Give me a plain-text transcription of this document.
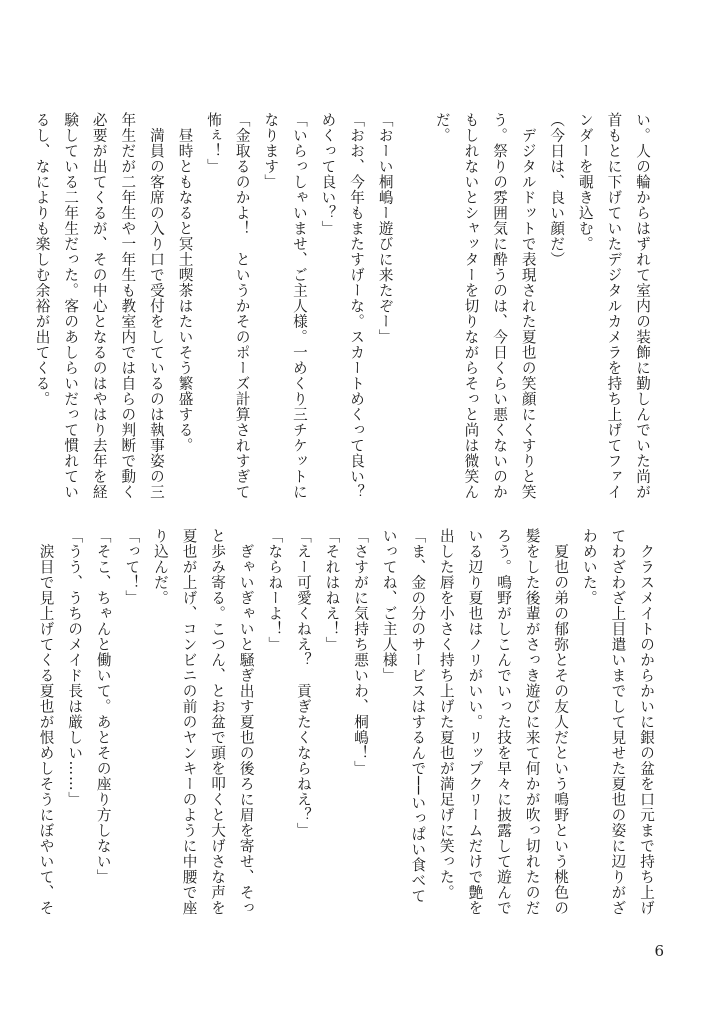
い。人の輪からはずれて室内の装飾に勤しんでいた尚が
首もとに下げていたデジタルカメラを持ち上げてファイ
ンダーを覗き込む。
（今日は、良い顔だ）
　デジタルドットで表現された夏也の笑顔にくすりと笑
う。祭りの雰囲気に酔うのは、今日くらい悪くないのか
もしれないとシャッターを切りながらそっと尚は微笑ん
だ。
「おーい桐嶋ー遊びに来たぞー」
「おお、今年もまたすげーな。スカートめくって良い？
めくって良い？」
「いらっしゃいませ、ご主人様。一めくり三チケットに
なります」
「金取るのかよ！　というかそのポーズ計算されすぎて
怖ぇ！」
　昼時ともなると冥土喫茶はたいそう繁盛する。
　満員の客席の入り口で受付をしているのは執事姿の三
年生だが二年生や一年生も教室内では自らの判断で動く
必要が出てくるが、その中心となるのはやはり去年を経
験している二年生だった。客のあしらいだって慣れてい
るし、なによりも楽しむ余裕が出てくる。
　クラスメイトのからかいに銀の盆を口元まで持ち上げ
てわざわざ上目遣いまでして見せた夏也の姿に辺りがざ
わめいた。
　夏也の弟の郁弥とその友人だという鳴野という桃色の
髪をした後輩がさっき遊びに来て何かが吹っ切れたのだ
ろう。鳴野がしこんでいった技を早々に披露して遊んで
いる辺り夏也はノリがいい。リップクリームだけで艶を
出した唇を小さく持ち上げた夏也が満足げに笑った。
「ま、金の分のサービスはするんで──いっぱい食べて
いってね、ご主人様」
「さすがに気持ち悪いわ、桐嶋！」
「それはねえ！」
「えー可愛くねえ？　貢ぎたくならねえ？」
「ならねーよ！」
　ぎゃいぎゃいと騒ぎ出す夏也の後ろに眉を寄せ、そっ
と歩み寄る。こつん、とお盆で頭を叩くと大げさな声を
夏也が上げ、コンビニの前のヤンキーのように中腰で座
り込んだ。
「って！」
「そこ、ちゃんと働いて。あとその座り方しない」
「うう、うちのメイド長は厳しい……」
　涙目で見上げてくる夏也が恨めしそうにぼやいて、そ
6
